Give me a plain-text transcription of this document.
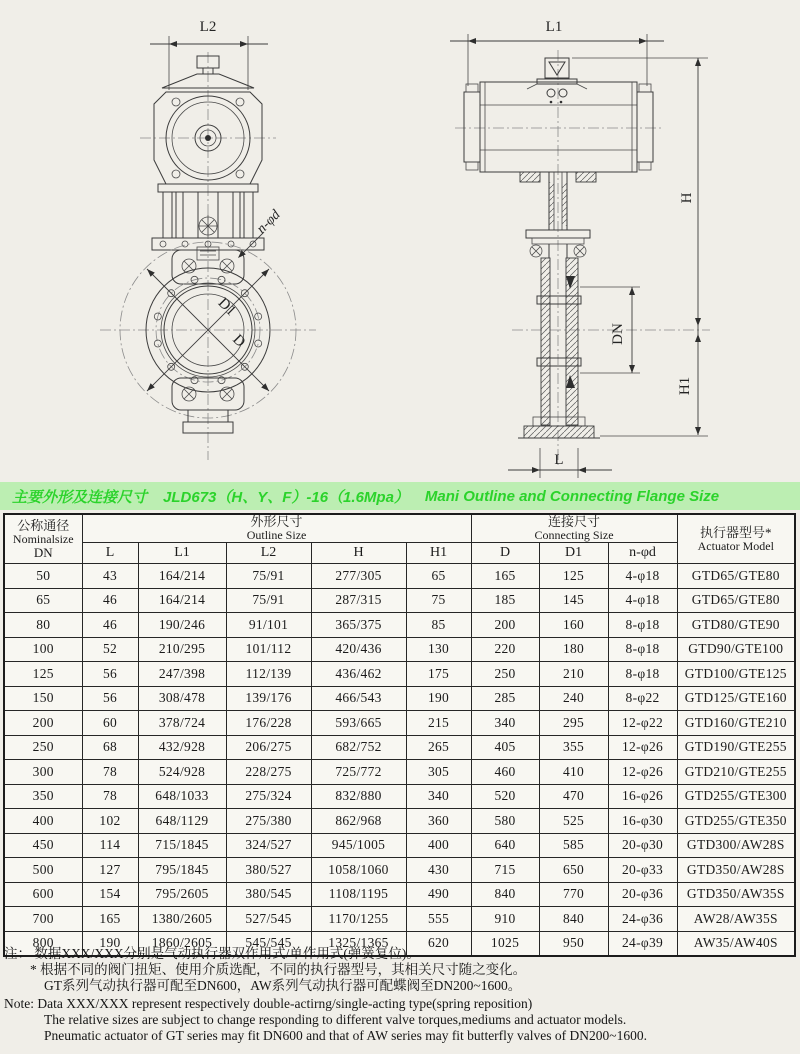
L2
D1
D
n-φd
L1
DN
H
H1
L
主要外形及连接尺寸 JLD673（H、Y、F）-16（1.6Mpa） Mani Outline and Connecting Flange Size
公称通径
Nominalsize
DN

外形尺寸
Outline Size

连接尺寸
Connecting Size	执行器型号*
Actuator Model

	L	L1	L2	H	H1	D	D1	n-φd	
50	43	164/214	75/91	277/305	65	165	125	4-φ18	GTD65/GTE80
65	46	164/214	75/91	287/315	75	185	145	4-φ18	GTD65/GTE80
80	46	190/246	91/101	365/375	85	200	160	8-φ18	GTD80/GTE90
100	52	210/295	101/112	420/436	130	220	180	8-φ18	GTD90/GTE100
125	56	247/398	112/139	436/462	175	250	210	8-φ18	GTD100/GTE125
150	56	308/478	139/176	466/543	190	285	240	8-φ22	GTD125/GTE160
200	60	378/724	176/228	593/665	215	340	295	12-φ22	GTD160/GTE210
250	68	432/928	206/275	682/752	265	405	355	12-φ26	GTD190/GTE255
300	78	524/928	228/275	725/772	305	460	410	12-φ26	GTD210/GTE255
350	78	648/1033	275/324	832/880	340	520	470	16-φ26	GTD255/GTE300
400	102	648/1129	275/380	862/968	360	580	525	16-φ30	GTD255/GTE350
450	114	715/1845	324/527	945/1005	400	640	585	20-φ30	GTD300/AW28S
500	127	795/1845	380/527	1058/1060	430	715	650	20-φ33	GTD350/AW28S
600	154	795/2605	380/545	1108/1195	490	840	770	20-φ36	GTD350/AW35S
700	165	1380/2605	527/545	1170/1255	555	910	840	24-φ36	AW28/AW35S
800	190	1860/2605	545/545	1325/1365	620	1025	950	24-φ39	AW35/AW40S
注： 数据XXX/XXX分别是气动执行器双作用式/单作用式(弹簧复位)。
* 根据不同的阀门扭矩、使用介质选配，不同的执行器型号，其相关尺寸随之变化。
GT系列气动执行器可配至DN600，AW系列气动执行器可配蝶阀至DN200~1600。
Note: Data XXX/XXX represent respectively double-actirng/single-acting type(spring reposition)
The relative sizes are subject to change responding to different valve torques,mediums and actuator models.
Pneumatic actuator of GT series may fit DN600 and that of AW series may fit butterfly valves of DN200~1600.
